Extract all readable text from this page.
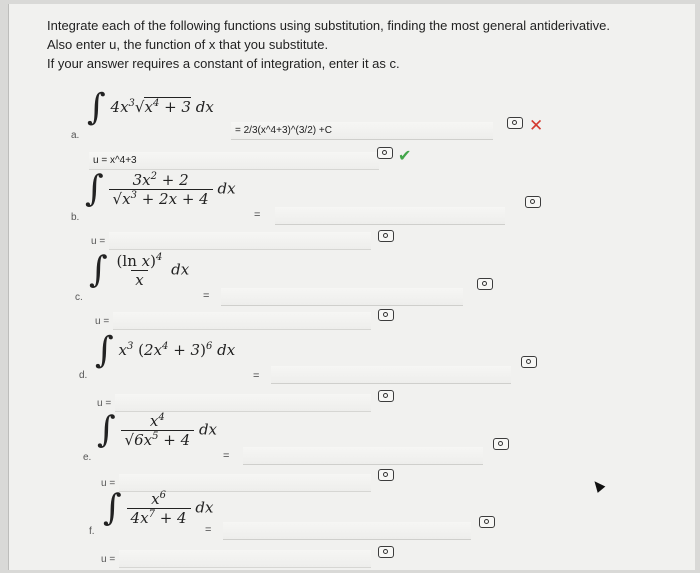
Integrate each of the following functions using substitution, finding the most general antiderivative.
Also enter u, the function of x that you substitute.
If your answer requires a constant of integration, enter it as c.
a.
∫ $4x^3√x^4 + 3$ dx
= 2/3(x^4+3)^(3/2) +C	✕
u = x^4+3	✔
b.
∫ $\frac{3x^2 + 2}{√x^3 + 2x + 4}$ dx
=
u =
c.
∫ $\frac{(\ln x)^4}{x}$ dx
=
u =
d.
∫ $x^3$ $(2x^4 + 3)^6$ dx
=
u =
e.
∫ $\frac{x^4}{√6x^5 + 4}$ dx
=
u =
f.
∫ $\frac{x^6}{4x^7 + 4}$ dx
=
u =
